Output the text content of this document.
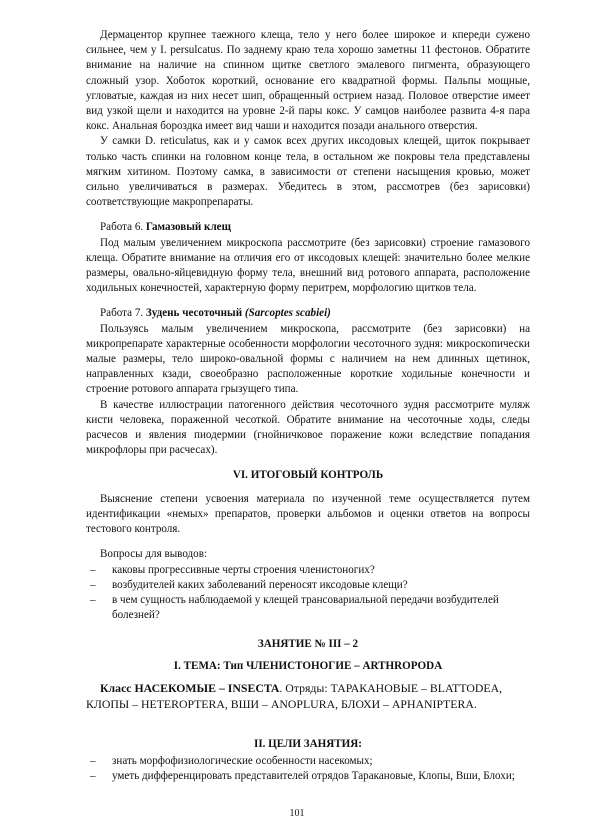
Дермацентор крупнее таежного клеща, тело у него более широкое и кпереди сужено сильнее, чем у I. persulcatus. По заднему краю тела хорошо заметны 11 фестонов. Обратите внимание на наличие на спинном щитке светлого эмалевого пигмента, образующего сложный узор. Хоботок короткий, основание его квадратной формы. Пальпы мощные, угловатые, каждая из них несет шип, обращенный острием назад. Половое отверстие имеет вид узкой щели и находится на уровне 2-й пары кокс. У самцов наиболее развита 4-я пара кокс. Анальная бороздка имеет вид чаши и находится позади анального отверстия.

У самки D. reticulatus, как и у самок всех других иксодовых клещей, щиток покрывает только часть спинки на головном конце тела, в остальном же покровы тела представлены мягким хитином. Поэтому самка, в зависимости от степени насыщения кровью, может сильно увеличиваться в размерах. Убедитесь в этом, рассмотрев (без зарисовки) соответствующие макропрепараты.

Работа 6. Гамазовый клещ

Под малым увеличением микроскопа рассмотрите (без зарисовки) строение гамазового клеща. Обратите внимание на отличия его от иксодовых клещей: значительно более мелкие размеры, овально-яйцевидную форму тела, внешний вид ротового аппарата, расположение ходильных конечностей, характерную форму перитрем, морфологию щитков тела.

Работа 7. Зудень чесоточный (Sarcoptes scabiei)

Пользуясь малым увеличением микроскопа, рассмотрите (без зарисовки) на микропрепарате характерные особенности морфологии чесоточного зудня: микроскопически малые размеры, тело широко-овальной формы с наличием на нем длинных щетинок, направленных кзади, своеобразно расположенные короткие ходильные конечности и строение ротового аппарата грызущего типа.

В качестве иллюстрации патогенного действия чесоточного зудня рассмотрите муляж кисти человека, пораженной чесоткой. Обратите внимание на чесоточные ходы, следы расчесов и явления пиодермии (гнойничковое поражение кожи вследствие попадания микрофлоры при расчесах).

VI. ИТОГОВЫЙ КОНТРОЛЬ

Выяснение степени усвоения материала по изученной теме осуществляется путем идентификации «немых» препаратов, проверки альбомов и оценки ответов на вопросы тестового контроля.

Вопросы для выводов:

– каковы прогрессивные черты строения членистоногих?
– возбудителей каких заболеваний переносят иксодовые клещи?
– в чем сущность наблюдаемой у клещей трансовариальной передачи возбудителей болезней?

ЗАНЯТИЕ № III – 2

I. ТЕМА: Тип ЧЛЕНИСТОНОГИЕ – ARTHROPODA

Класс НАСЕКОМЫЕ – INSECTA. Отряды: ТАРАКАНОВЫЕ – BLATTODEA, КЛОПЫ – HETEROPTERA, ВШИ – ANOPLURA, БЛОХИ – APHANIPTERA.

II. ЦЕЛИ ЗАНЯТИЯ:

– знать морфофизиологические особенности насекомых;
– уметь дифференцировать представителей отрядов Таракановые, Клопы, Вши, Блохи;
101
